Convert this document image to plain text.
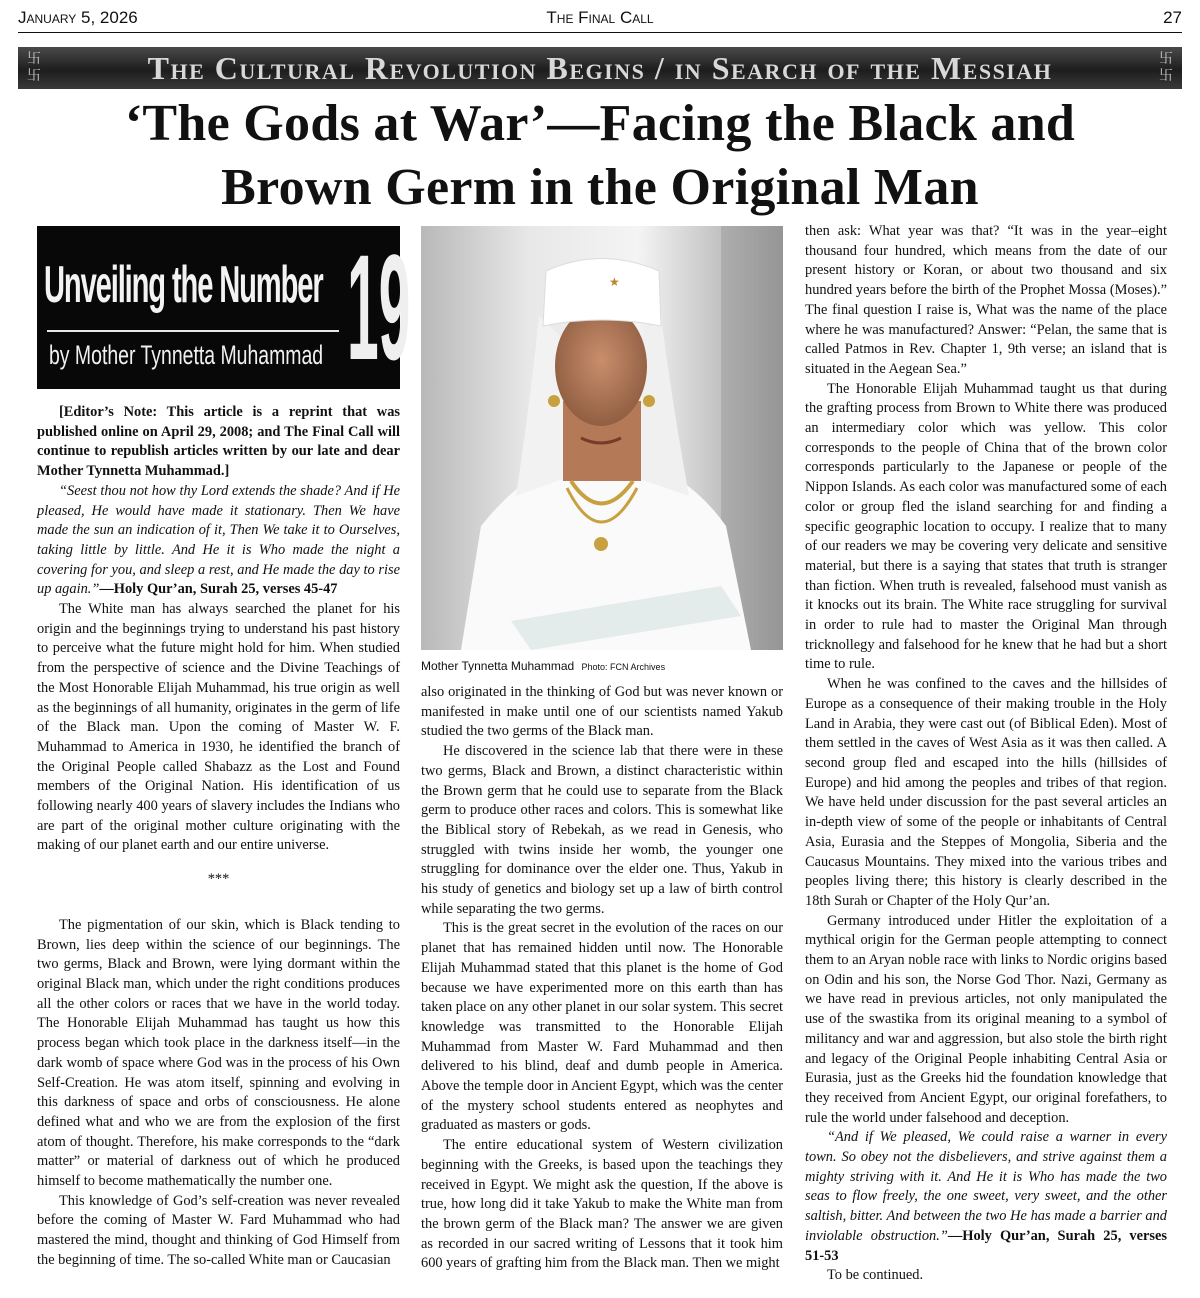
January 5, 2026	The Final Call	27
卐
卐	The Cultural Revolution Begins / in Search of the Messiah	卐
卐
‘The Gods at War’—Facing the Black and
Brown Germ in the Original Man
Unveiling the Number
by Mother Tynnetta Muhammad 19

[Editor’s Note: This article is a reprint that was published online on April 29, 2008; and The Final Call will continue to republish articles written by our late and dear Mother Tynnetta Muhammad.]

“Seest thou not how thy Lord extends the shade? And if He pleased, He would have made it stationary. Then We have made the sun an indication of it, Then We take it to Ourselves, taking little by little. And He it is Who made the night a covering for you, and sleep a rest, and He made the day to rise up again.”—Holy Qur’an, Surah 25, verses 45-47

The White man has always searched the planet for his origin and the beginnings trying to understand his past history to perceive what the future might hold for him. When studied from the perspective of science and the Divine Teachings of the Most Honorable Elijah Muhammad, his true origin as well as the beginnings of all humanity, originates in the germ of life of the Black man. Upon the coming of Master W. F. Muhammad to America in 1930, he identified the branch of the Original People called Shabazz as the Lost and Found members of the Original Nation. His identification of us following nearly 400 years of slavery includes the Indians who are part of the original mother culture originating with the making of our planet earth and our entire universe.

***

The pigmentation of our skin, which is Black tending to Brown, lies deep within the science of our beginnings. The two germs, Black and Brown, were lying dormant within the original Black man, which under the right conditions produces all the other colors or races that we have in the world today. The Honorable Elijah Muhammad has taught us how this process began which took place in the darkness itself—in the dark womb of space where God was in the process of his Own Self-Creation. He was atom itself, spinning and evolving in this darkness of space and orbs of consciousness. He alone defined what and who we are from the explosion of the first atom of thought. Therefore, his make corresponds to the “dark matter” or material of darkness out of which he produced himself to become mathematically the number one.

This knowledge of God’s self-creation was never revealed before the coming of Master W. Fard Muhammad who had mastered the mind, thought and thinking of God Himself from the beginning of time. The so-called White man or Caucasian

★
Mother Tynnetta Muhammad Photo: FCN Archives

also originated in the thinking of God but was never known or manifested in make until one of our scientists named Yakub studied the two germs of the Black man.

He discovered in the science lab that there were in these two germs, Black and Brown, a distinct characteristic within the Brown germ that he could use to separate from the Black germ to produce other races and colors. This is somewhat like the Biblical story of Rebekah, as we read in Genesis, who struggled with twins inside her womb, the younger one struggling for dominance over the elder one. Thus, Yakub in his study of genetics and biology set up a law of birth control while separating the two germs.

This is the great secret in the evolution of the races on our planet that has remained hidden until now. The Honorable Elijah Muhammad stated that this planet is the home of God because we have experimented more on this earth than has taken place on any other planet in our solar system. This secret knowledge was transmitted to the Honorable Elijah Muhammad from Master W. Fard Muhammad and then delivered to his blind, deaf and dumb people in America. Above the temple door in Ancient Egypt, which was the center of the mystery school students entered as neophytes and graduated as masters or gods.

The entire educational system of Western civilization beginning with the Greeks, is based upon the teachings they received in Egypt. We might ask the question, If the above is true, how long did it take Yakub to make the White man from the brown germ of the Black man? The answer we are given as recorded in our sacred writing of Lessons that it took him 600 years of grafting him from the Black man. Then we might

then ask: What year was that? “It was in the year–eight thousand four hundred, which means from the date of our present history or Koran, or about two thousand and six hundred years before the birth of the Prophet Mossa (Moses).” The final question I raise is, What was the name of the place where he was manufactured? Answer: “Pelan, the same that is called Patmos in Rev. Chapter 1, 9th verse; an island that is situated in the Aegean Sea.”

The Honorable Elijah Muhammad taught us that during the grafting process from Brown to White there was produced an intermediary color which was yellow. This color corresponds to the people of China that of the brown color corresponds particularly to the Japanese or people of the Nippon Islands. As each color was manufactured some of each color or group fled the island searching for and finding a specific geographic location to occupy. I realize that to many of our readers we may be covering very delicate and sensitive material, but there is a saying that states that truth is stranger than fiction. When truth is revealed, falsehood must vanish as it knocks out its brain. The White race struggling for survival in order to rule had to master the Original Man through tricknollegy and falsehood for he knew that he had but a short time to rule.

When he was confined to the caves and the hillsides of Europe as a consequence of their making trouble in the Holy Land in Arabia, they were cast out (of Biblical Eden). Most of them settled in the caves of West Asia as it was then called. A second group fled and escaped into the hills (hillsides of Europe) and hid among the peoples and tribes of that region. We have held under discussion for the past several articles an in-depth view of some of the people or inhabitants of Central Asia, Eurasia and the Steppes of Mongolia, Siberia and the Caucasus Mountains. They mixed into the various tribes and peoples living there; this history is clearly described in the 18th Surah or Chapter of the Holy Qur’an.

Germany introduced under Hitler the exploitation of a mythical origin for the German people attempting to connect them to an Aryan noble race with links to Nordic origins based on Odin and his son, the Norse God Thor. Nazi, Germany as we have read in previous articles, not only manipulated the use of the swastika from its original meaning to a symbol of militancy and war and aggression, but also stole the birth right and legacy of the Original People inhabiting Central Asia or Eurasia, just as the Greeks hid the foundation knowledge that they received from Ancient Egypt, our original forefathers, to rule the world under falsehood and deception.

“And if We pleased, We could raise a warner in every town. So obey not the disbelievers, and strive against them a mighty striving with it. And He it is Who has made the two seas to flow freely, the one sweet, very sweet, and the other saltish, bitter. And between the two He has made a barrier and inviolable obstruction.”—Holy Qur’an, Surah 25, verses 51-53

To be continued.
